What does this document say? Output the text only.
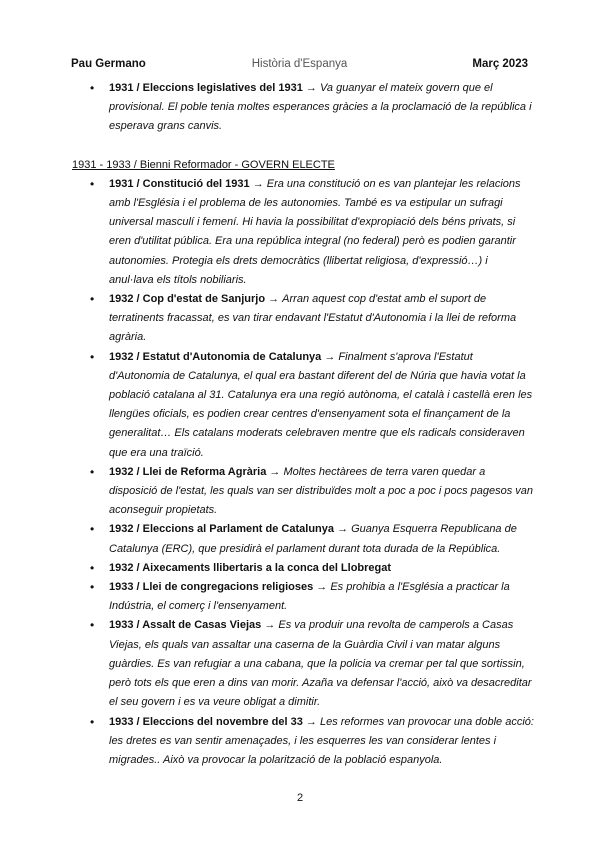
Pau Germano	Història d'Espanya	Març 2023
• 1931 / Eleccions legislatives del 1931 → Va guanyar el mateix govern que el provisional. El poble tenia moltes esperances gràcies a la proclamació de la república i esperava grans canvis.
1931 - 1933 / Bienni Reformador - GOVERN ELECTE
• 1931 / Constitució del 1931 → Era una constitució on es van plantejar les relacions amb l'Església i el problema de les autonomies. També es va estipular un sufragi universal masculí i femení. Hi havia la possibilitat d'expropiació dels béns privats, si eren d'utilitat pública. Era una república integral (no federal) però es podien garantir autonomies. Protegia els drets democràtics (llibertat religiosa, d'expressió…) i anul·lava els títols nobiliaris.
• 1932 / Cop d'estat de Sanjurjo → Arran aquest cop d'estat amb el suport de terratinents fracassat, es van tirar endavant l'Estatut d'Autonomia i la llei de reforma agrària.
• 1932 / Estatut d'Autonomia de Catalunya → Finalment s'aprova l'Estatut d'Autonomia de Catalunya, el qual era bastant diferent del de Núria que havia votat la població catalana al 31. Catalunya era una regió autònoma, el català i castellà eren les llengües oficials, es podien crear centres d'ensenyament sota el finançament de la generalitat… Els catalans moderats celebraven mentre que els radicals consideraven que era una traïció.
• 1932 / Llei de Reforma Agrària → Moltes hectàrees de terra varen quedar a disposició de l'estat, les quals van ser distribuïdes molt a poc a poc i pocs pagesos van aconseguir propietats.
• 1932 / Eleccions al Parlament de Catalunya → Guanya Esquerra Republicana de Catalunya (ERC), que presidirà el parlament durant tota durada de la República.
• 1932 / Aixecaments llibertaris a la conca del Llobregat
• 1933 / Llei de congregacions religioses → Es prohibia a l'Església a practicar la Indústria, el comerç i l'ensenyament.
• 1933 / Assalt de Casas Viejas → Es va produir una revolta de camperols a Casas Viejas, els quals van assaltar una caserna de la Guàrdia Civil i van matar alguns guàrdies. Es van refugiar a una cabana, que la policia va cremar per tal que sortissin, però tots els que eren a dins van morir. Azaña va defensar l'acció, això va desacreditar el seu govern i es va veure obligat a dimitir.
• 1933 / Eleccions del novembre del 33 → Les reformes van provocar una doble acció: les dretes es van sentir amenaçades, i les esquerres les van considerar lentes i migrades.. Això va provocar la polarització de la població espanyola.
2
